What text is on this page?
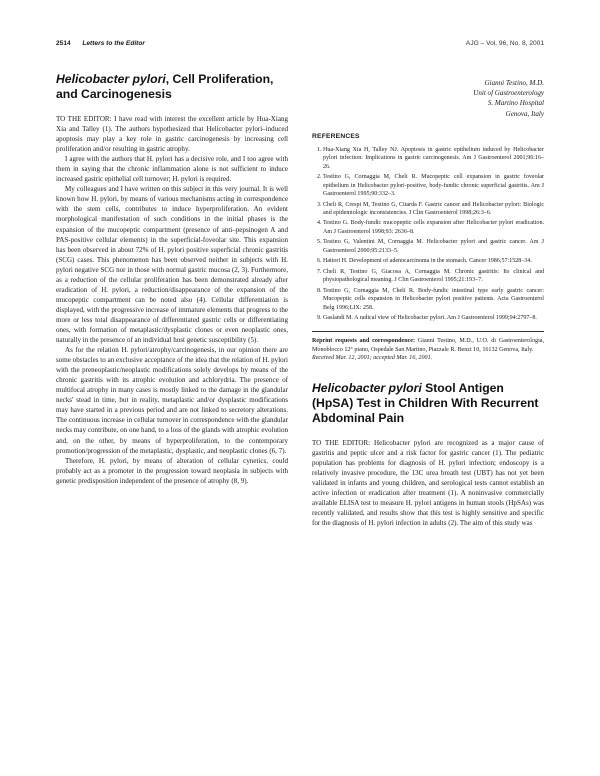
2514 Letters to the Editor	AJG – Vol. 96, No. 8, 2001
Helicobacter pylori, Cell Proliferation, and Carcinogenesis

TO THE EDITOR: I have read with interest the excellent article by Hua-Xiang Xia and Talley (1). The authors hypothesized that Helicobacter pylori–induced apoptosis may play a key role in gastric carcinogenesis by increasing cell proliferation and/or resulting in gastric atrophy.

I agree with the authors that H. pylori has a decisive role, and I too agree with them in saying that the chronic inflammation alone is not sufficient to induce increased gastric epithelial cell turnover; H. pylori is required.

My colleagues and I have written on this subject in this very journal. It is well known how H. pylori, by means of various mechanisms acting in correspondence with the stem cells, contributes to induce hyperproliferation. An evident morphological manifestation of such conditions in the initial phases is the expansion of the mucopeptic compartment (presence of anti–pepsinogen A and PAS-positive cellular elements) in the superficial-foveolar site. This expansion has been observed in about 72% of H. pylori positive superficial chronic gastritis (SCG) cases. This phenomenon has been observed neither in subjects with H. pylori negative SCG nor in those with normal gastric mucosa (2, 3). Furthermore, as a reduction of the cellular proliferation has been demonstrated already after eradication of H. pylori, a reduction/disappearance of the expansion of the mucopeptic compartment can be noted also (4). Cellular differentiation is displayed, with the progressive increase of immature elements that progress to the more or less total disappearance of differentiated gastric cells or differentiating ones, with formation of metaplastic/dysplastic clones or even neoplastic ones, naturally in the presence of an individual host genetic susceptibility (5).

As for the relation H. pylori/atrophy/carcinogenesis, in our opinion there are some obstacles to an exclusive acceptance of the idea that the relation of H. pylori with the preneoplastic/neoplastic modifications solely develops by means of the chronic gastritis with its atrophic evolution and achlorydria. The presence of multifocal atrophy in many cases is mostly linked to the damage in the glandular necks' stead in time, but in reality, metaplastic and/or dysplastic modifications may have started in a previous period and are not linked to secretory alterations. The continuous increase in cellular turnover in correspondence with the glandular necks may contribute, on one hand, to a loss of the glands with atrophic evolution and, on the other, by means of hyperproliferation, to the contemporary promotion/progression of the metaplastic, dysplastic, and neoplastic clones (6, 7).

Therefore, H. pylori, by means of alteration of cellular cynetics, could probably act as a promoter in the progression toward neoplasia in subjects with genetic predisposition independent of the presence of atrophy (8, 9).

Gianni Testino, M.D.
Unit of Gastroenterology
S. Martino Hospital
Genova, Italy
REFERENCES
1. Hua-Xiang Xia H, Talley NJ. Apoptosis in gastric epithelium induced by Helicobacter pylori infection: Implications in gastric carcinogenesis. Am J Gastroenterol 2001;96:16–26.
2. Testino G, Cornaggia M, Cheli R. Mucopeptic cell expansion in gastric foveolar epithelium in Helicobacter pylori-positive, body-fundic chronic superficial gastritis. Am J Gastroenterol 1995;90:332–3.
3. Cheli R, Crespi M, Testino G, Citarda F. Gastric cancer and Helicobacter pylori: Biologic and epidemiologic inconsistencies. J Clin Gastroenterol 1998;26:3–6.
4. Testino G. Body-fundic mucopeptic cells expansion after Helicobacter pylori eradication. Am J Gastroenterol 1998;93: 2636–8.
5. Testino G, Valentini M, Cornaggia M. Helicobacter pylori and gastric cancer. Am J Gastroenterol 2000;95:2133–5.
6. Hattori H. Development of adenocarcinoma in the stomach. Cancer 1986;57:1528–34.
7. Cheli R, Testino G, Giacosa A, Cornaggia M. Chronic gastritis: Its clinical and physiopathological meaning. J Clin Gastroenterol 1995;21:193–7.
8. Testino G, Cornaggia M, Cheli R. Body-fundic intestinal type early gastric cancer: Mucopeptic cells expansion in Helicobacter pylori positive patients. Acta Gastroenterol Belg 1996;LIX: 258.
9. Gaslandi M. A radical view of Helicobacter pylori. Am J Gastroenterol 1999;94:2797–8.
Reprint requests and correspondence: Gianni Testino, M.D., U.O. di Gastroenterologia, Monoblocco 12° piano, Ospedale San Martino, Piazzale R. Benzi 10, 16132 Genova, Italy.
Received Mar. 12, 2001; accepted Mar. 16, 2001.
Helicobacter pylori Stool Antigen (HpSA) Test in Children With Recurrent Abdominal Pain

TO THE EDITOR: Helicobacter pylori are recognized as a major cause of gastritis and peptic ulcer and a risk factor for gastric cancer (1). The pediatric population has problems for diagnosis of H. pylori infection; endoscopy is a relatively invasive procedure, the 13C urea breath test (UBT) has not yet been validated in infants and young children, and serological tests cannot establish an active infection or eradication after treatment (1). A noninvasive commercially available ELISA test to measure H. pylori antigens in human stools (HpSAs) was recently validated, and results show that this test is highly sensitive and specific for the diagnosis of H. pylori infection in adults (2). The aim of this study was
